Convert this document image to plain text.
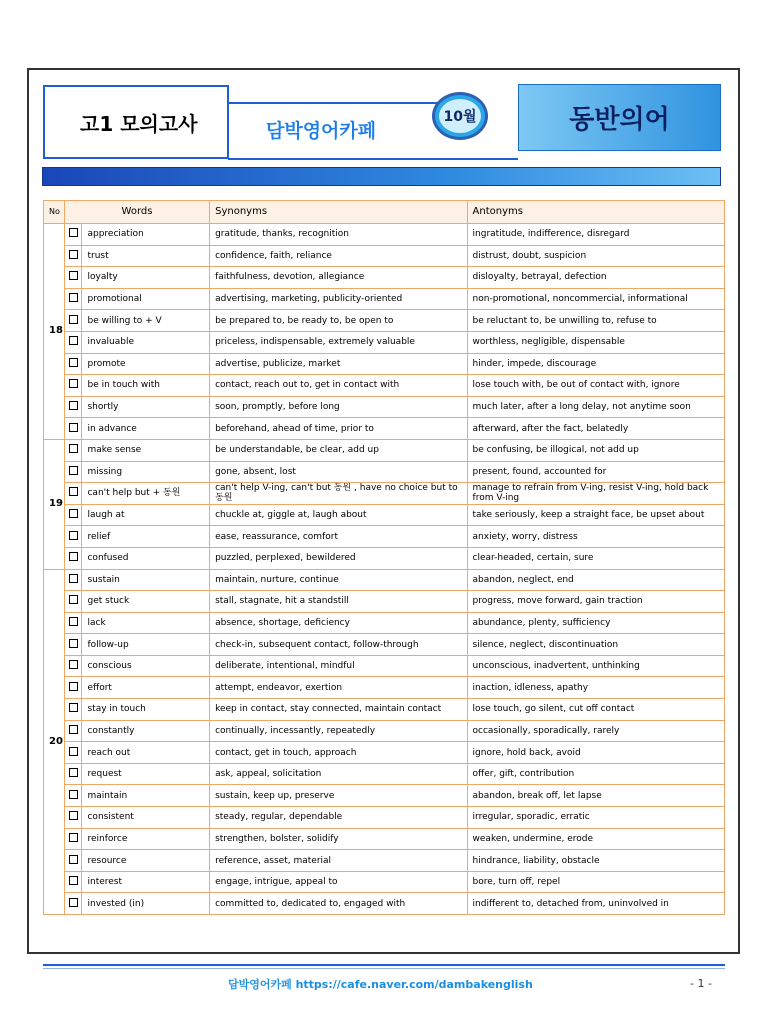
고1 모의고사	담박영어카페
10월	동반의어
No	Words		Synonyms	Antonyms
18		appreciation	gratitude, thanks, recognition	ingratitude, indifference, disregard
		trust	confidence, faith, reliance	distrust, doubt, suspicion
		loyalty	faithfulness, devotion, allegiance	disloyalty, betrayal, defection
		promotional	advertising, marketing, publicity-oriented	non-promotional, noncommercial, informational
		be willing to + V	be prepared to, be ready to, be open to	be reluctant to, be unwilling to, refuse to
		invaluable	priceless, indispensable, extremely valuable	worthless, negligible, dispensable
		promote	advertise, publicize, market	hinder, impede, discourage
		be in touch with	contact, reach out to, get in contact with	lose touch with, be out of contact with, ignore
		shortly	soon, promptly, before long	much later, after a long delay, not anytime soon
		in advance	beforehand, ahead of time, prior to	afterward, after the fact, belatedly
19		make sense	be understandable, be clear, add up	be confusing, be illogical, not add up
		missing	gone, absent, lost	present, found, accounted for
		can't help but + 동원	can't help V-ing, can't but 동원 , have no choice but to 동원	manage to refrain from V-ing, resist V-ing, hold back from V-ing
		laugh at	chuckle at, giggle at, laugh about	take seriously, keep a straight face, be upset about
		relief	ease, reassurance, comfort	anxiety, worry, distress
		confused	puzzled, perplexed, bewildered	clear-headed, certain, sure
20		sustain	maintain, nurture, continue	abandon, neglect, end
		get stuck	stall, stagnate, hit a standstill	progress, move forward, gain traction
		lack	absence, shortage, deficiency	abundance, plenty, sufficiency
		follow-up	check-in, subsequent contact, follow-through	silence, neglect, discontinuation
		conscious	deliberate, intentional, mindful	unconscious, inadvertent, unthinking
		effort	attempt, endeavor, exertion	inaction, idleness, apathy
		stay in touch	keep in contact, stay connected, maintain contact	lose touch, go silent, cut off contact
		constantly	continually, incessantly, repeatedly	occasionally, sporadically, rarely
		reach out	contact, get in touch, approach	ignore, hold back, avoid
		request	ask, appeal, solicitation	offer, gift, contribution
		maintain	sustain, keep up, preserve	abandon, break off, let lapse
		consistent	steady, regular, dependable	irregular, sporadic, erratic
		reinforce	strengthen, bolster, solidify	weaken, undermine, erode
		resource	reference, asset, material	hindrance, liability, obstacle
		interest	engage, intrigue, appeal to	bore, turn off, repel
		invested (in)	committed to, dedicated to, engaged with	indifferent to, detached from, uninvolved in
담박영어카페 https://cafe.naver.com/dambakenglish	- 1 -
